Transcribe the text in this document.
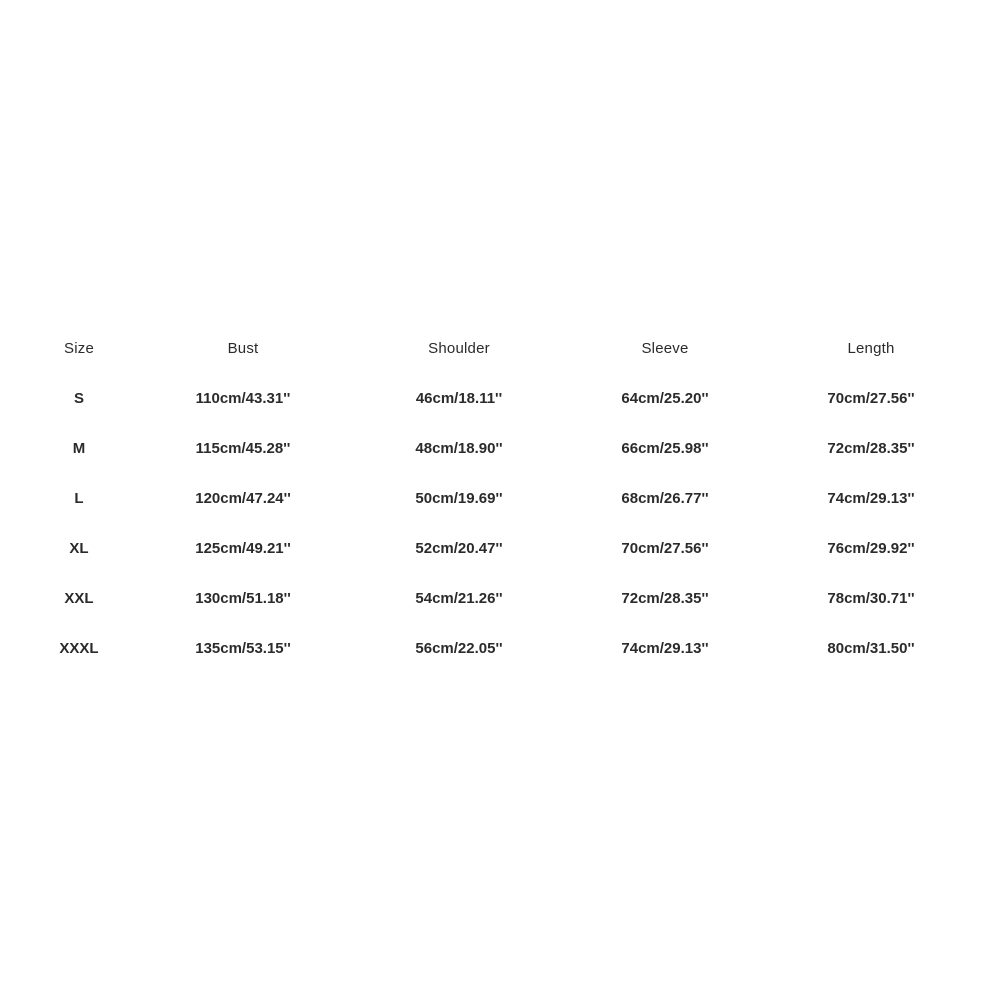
Size	Bust	Shoulder	Sleeve	Length
S	110cm/43.31''	46cm/18.11''	64cm/25.20''	70cm/27.56''
M	115cm/45.28''	48cm/18.90''	66cm/25.98''	72cm/28.35''
L	120cm/47.24''	50cm/19.69''	68cm/26.77''	74cm/29.13''
XL	125cm/49.21''	52cm/20.47''	70cm/27.56''	76cm/29.92''
XXL	130cm/51.18''	54cm/21.26''	72cm/28.35''	78cm/30.71''
XXXL	135cm/53.15''	56cm/22.05''	74cm/29.13''	80cm/31.50''
